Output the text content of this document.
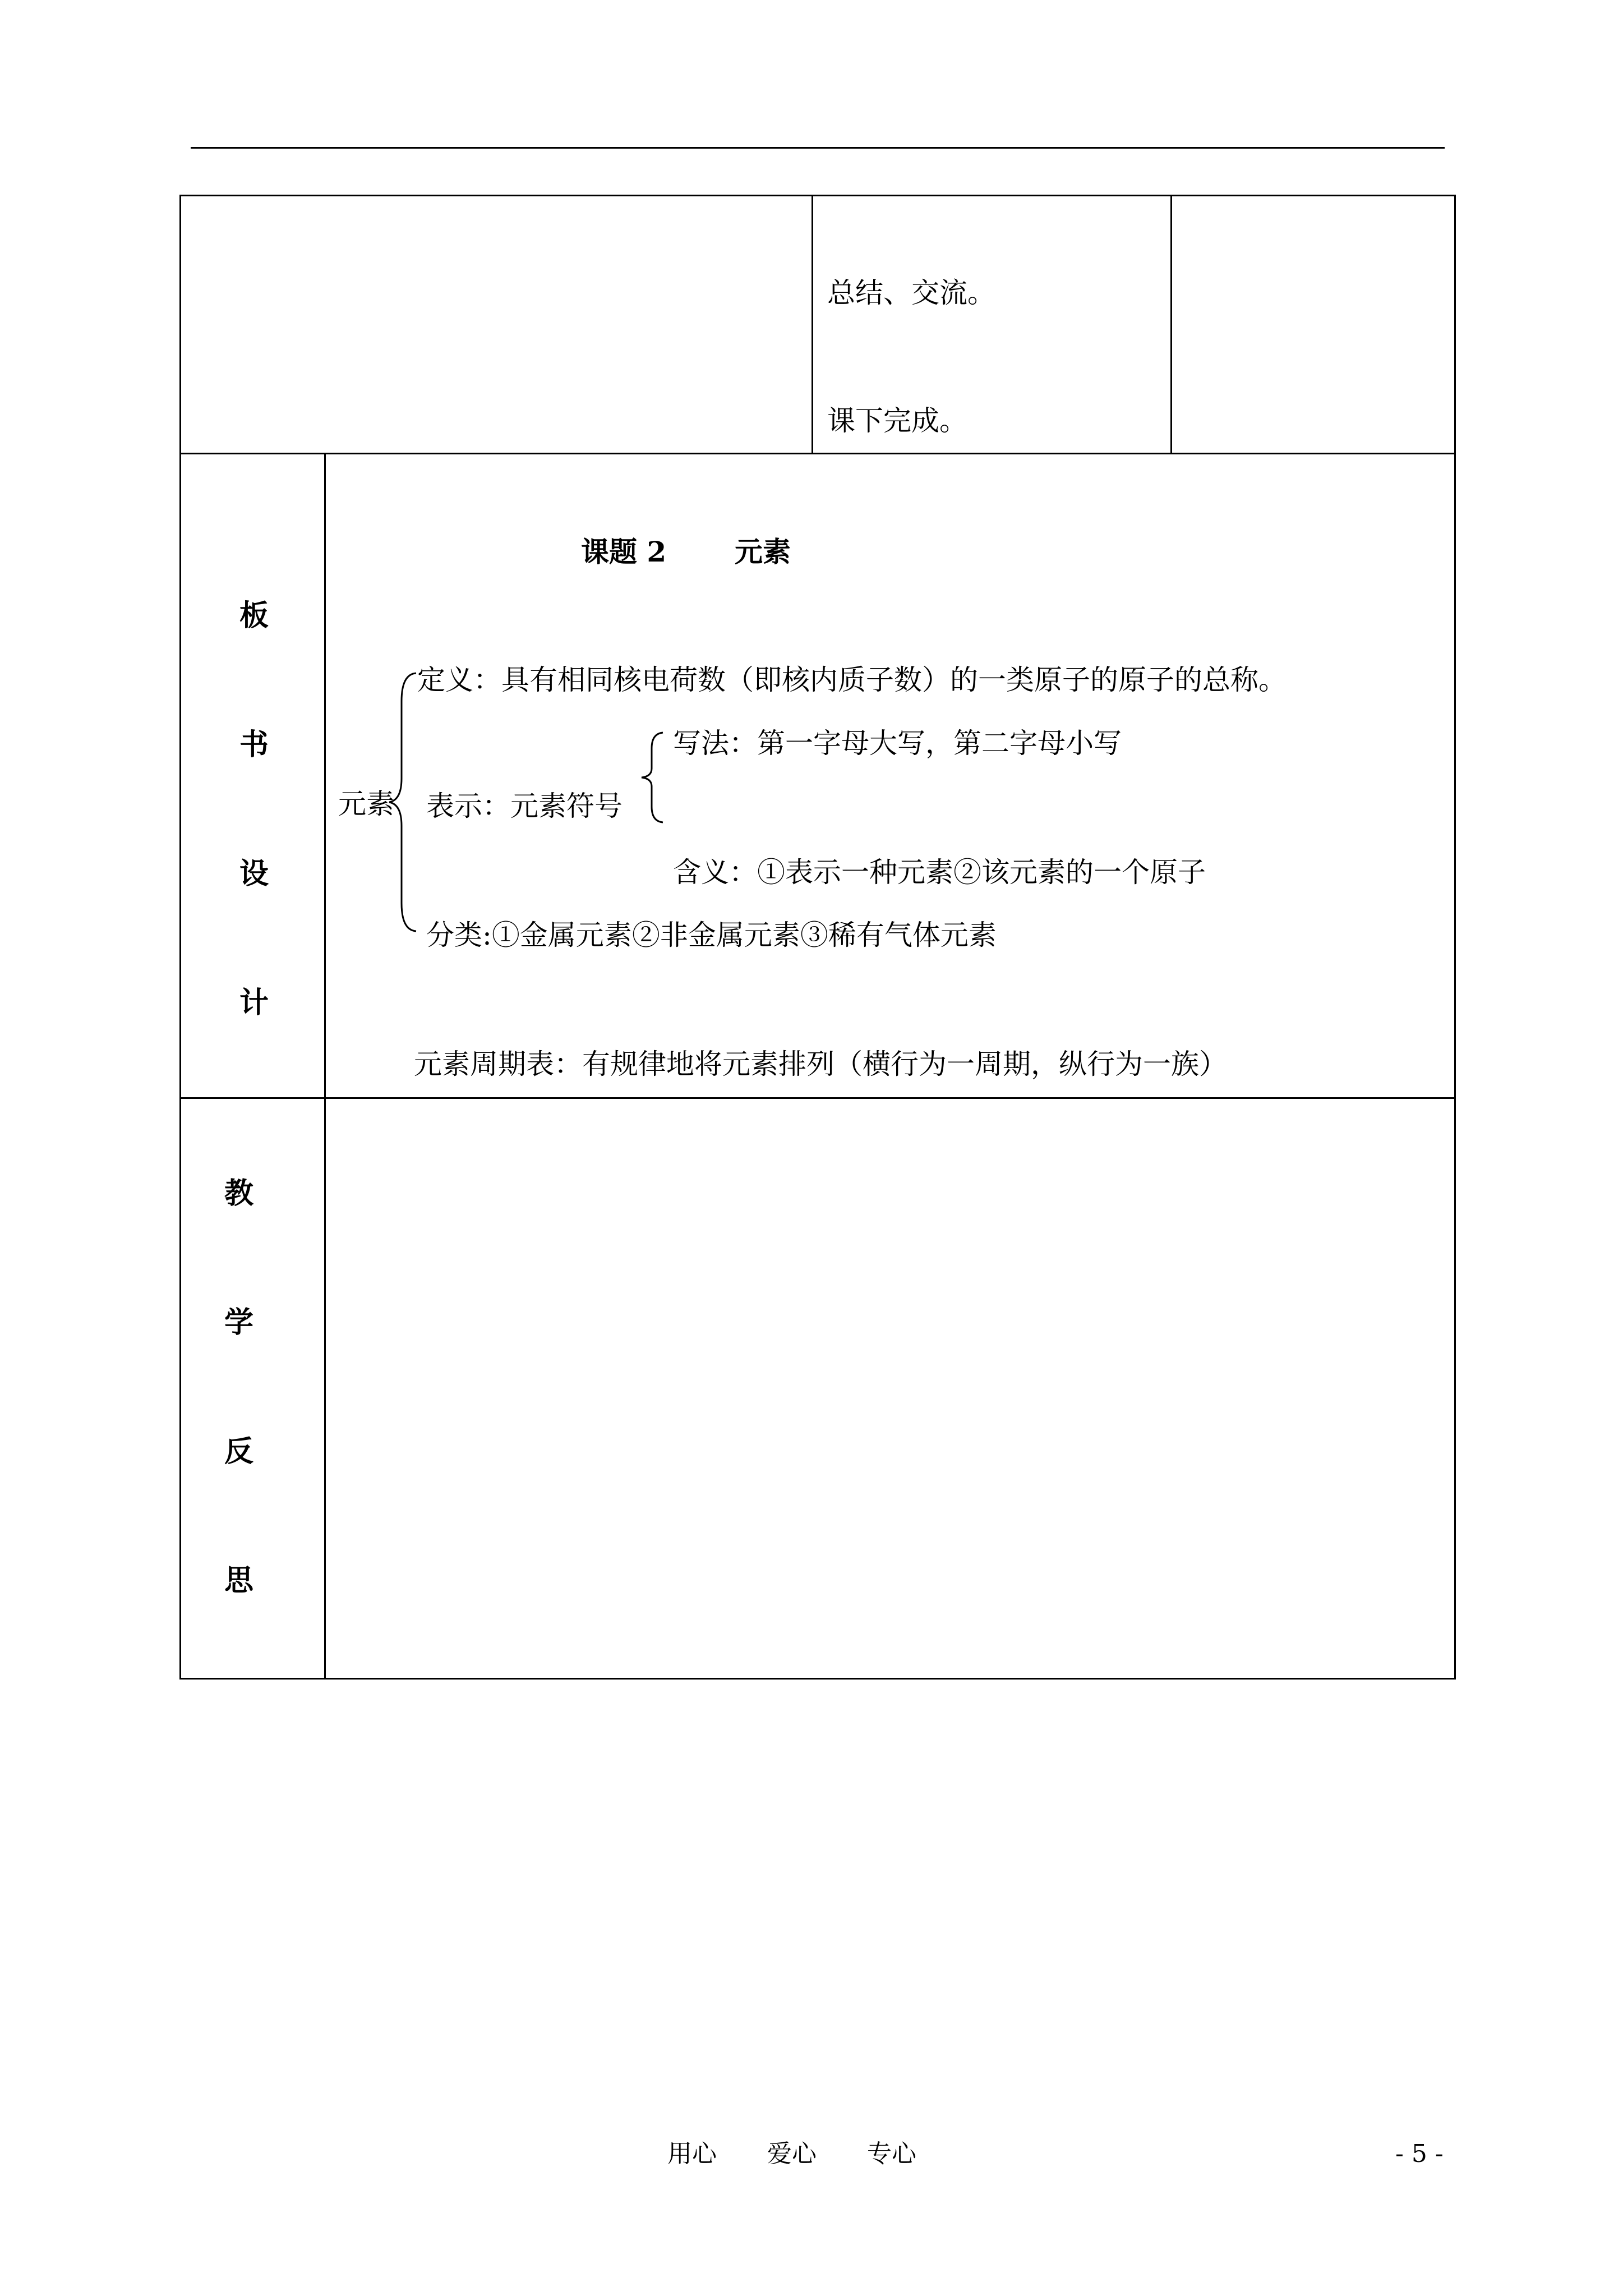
总结、交流。
课下完成。
板
书
设
计
课题 2 元素
元素
定义：具有相同核电荷数（即核内质子数）的一类原子的原子的总称。
表示：元素符号
写法：第一字母大写，第二字母小写
含义：①表示一种元素②该元素的一个原子
分类:①金属元素②非金属元素③稀有气体元素
元素周期表：有规律地将元素排列（横行为一周期，纵行为一族）
教
学
反
思
用心 爱心 专心	- 5 -
